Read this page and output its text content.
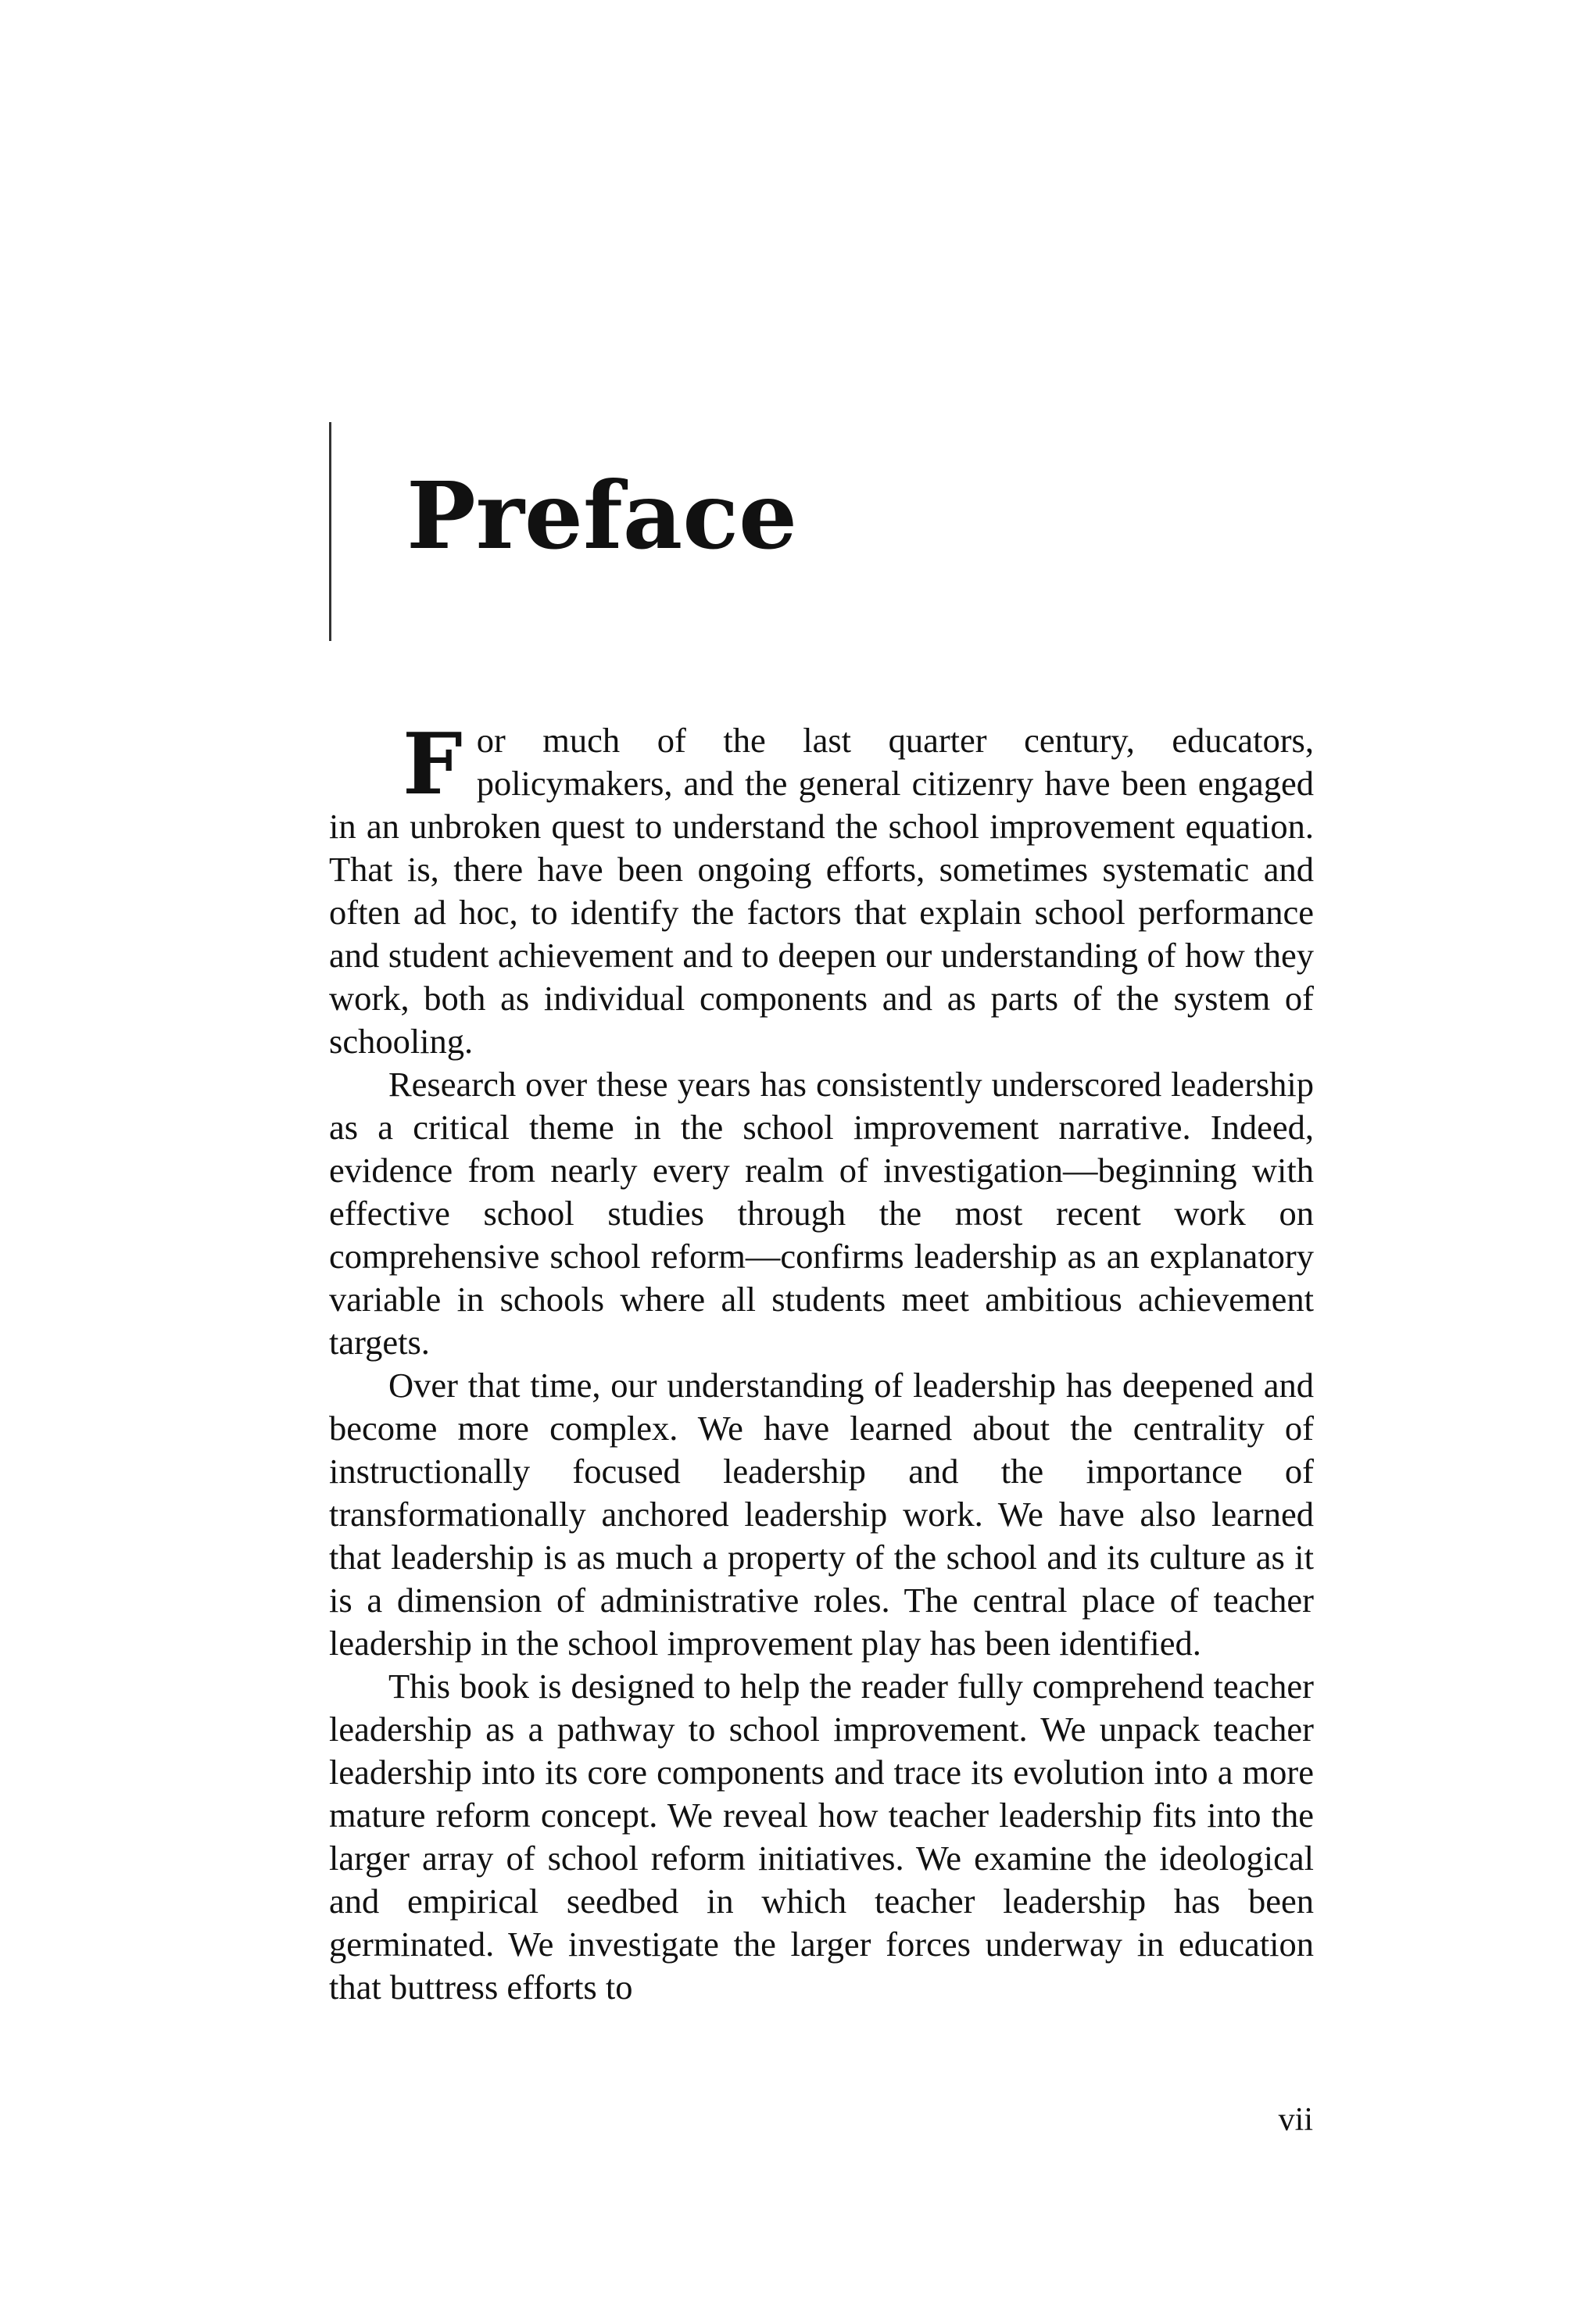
Preface

For much of the last quarter century, educators, policymakers, and the general citizenry have been engaged in an unbroken quest to understand the school improvement equation. That is, there have been ongoing efforts, sometimes systematic and often ad hoc, to identify the factors that explain school performance and student achievement and to deepen our understanding of how they work, both as individual components and as parts of the system of schooling.

Research over these years has consistently underscored leadership as a critical theme in the school improvement narrative. Indeed, evidence from nearly every realm of investigation—beginning with effective school studies through the most recent work on comprehensive school reform—confirms leadership as an explanatory variable in schools where all students meet ambitious achievement targets.

Over that time, our understanding of leadership has deepened and become more complex. We have learned about the centrality of instructionally focused leadership and the importance of transformationally anchored leadership work. We have also learned that leadership is as much a property of the school and its culture as it is a dimension of administrative roles. The central place of teacher leadership in the school improvement play has been identified.

This book is designed to help the reader fully comprehend teacher leadership as a pathway to school improvement. We unpack teacher leadership into its core components and trace its evolution into a more mature reform concept. We reveal how teacher leadership fits into the larger array of school reform initiatives. We examine the ideological and empirical seedbed in which teacher leadership has been germinated. We investigate the larger forces underway in education that buttress efforts to

vii
